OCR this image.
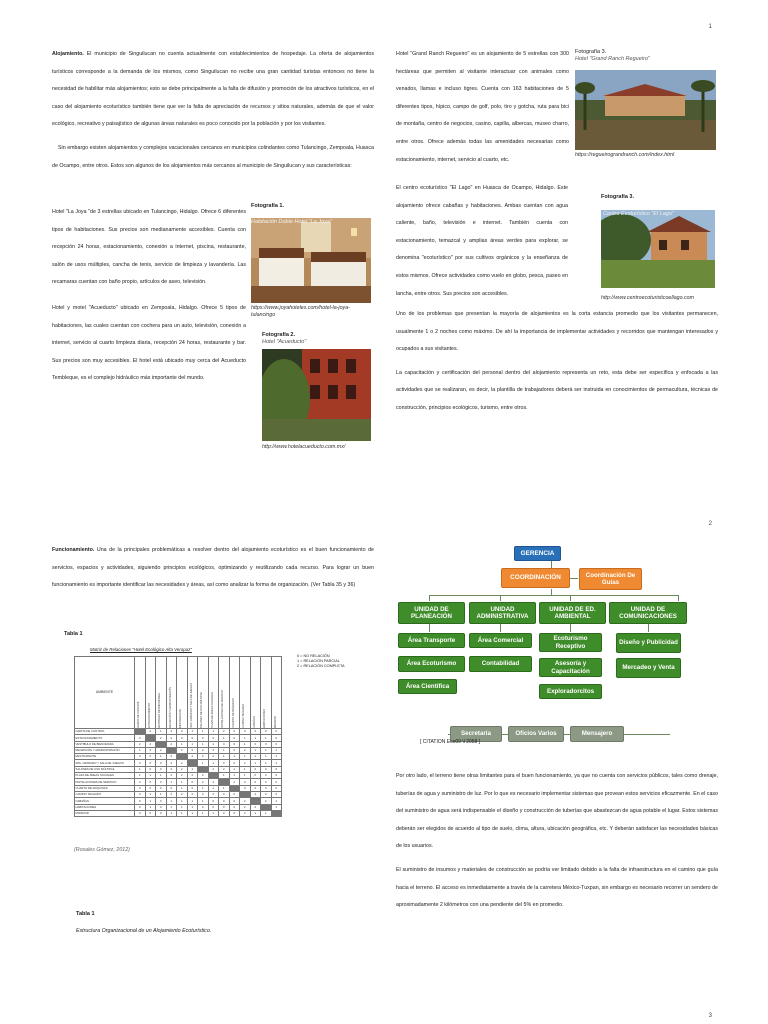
1

Alojamiento. El municipio de Singuilucan no cuenta actualmente con establecimientos de hospedaje. La oferta de alojamientos turísticos corresponde a la demanda de los mismos, como Singuilucan no recibe una gran cantidad turistas entonces no tiene la necesidad de habilitar más alojamientos; esto se debe principalmente a la falta de difusión y promoción de los atractivos turísticos, en el caso del alojamiento ecoturístico también tiene que ver la falta de apreciación de recursos y sitios naturales, además de que el valor ecológico, recreativo y paisajístico de algunas áreas naturales es poco conocido por la población y por los visitantes.

Sin embargo existen alojamientos y complejos vacacionales cercanos en municipios colindantes como Tulancingo, Zempoala, Huasca de Ocampo, entre otros. Estos son algunos de los alojamientos más cercanos al municipio de Singuilucan y sus características:

Hotel "La Joya "de 3 estrellas ubicado en Tulancingo, Hidalgo. Ofrece 6 diferentes tipos de habitaciones. Sus precios son medianamente accesibles. Cuenta con recepción 24 horas, estacionamiento, conexión a internet, piscina, restaurante, salón de usos múltiples, cancha de tenis, servicio de limpieza y lavandería. Las recamaras cuentan con baño propio, artículos de aseo, televisión.

Hotel y motel "Acueducto" ubicado en Zempoala, Hidalgo. Ofrece 5 tipos de habitaciones, las cuales cuentan con cochera para un auto, televisión, conexión a internet, servicio al cuarto limpieza diaria, recepción 24 horas, restaurante y bar. Sus precios son muy accesibles. El hotel está ubicado muy cerca del Acueducto Tembleque, es el complejo hidráulico más importante del mundo.

Fotografía 1.
Habitación Doble Hotel "La Joya"
https://www.joyahoteles.com/hotel-la-joya-tulancingo
Fotografía 2.
Hotel "Acueducto"
http://www.hotelacueducto.com.mx/

Hotel "Grand Ranch Regueiro" es un alojamiento de 5 estrellas con 300 hectáreas que permiten al visitante interactuar con animales como venados, llamas e incluso tigres. Cuenta con 163 habitaciones de 5 diferentes tipos, hípico, campo de golf, polo, tiro y gotcha, ruta para bici de montaña, centro de negocios, casino, capilla, albercas, museo charro, entre otros. Ofrece además todas las amenidades necesarias como estacionamiento, internet, servicio al cuarto, etc.

Fotografía 3.
Hotel "Grand Ranch Regueiro"
https://regueirograndranch.com/index.html

El centro ecoturístico "El Lago" en Huasca de Ocampo, Hidalgo. Este alojamiento ofrece cabañas y habitaciones. Ambas cuentan con agua caliente, baño, televisión e internet. También cuenta con estacionamiento, temazcal y amplias áreas verdes para explorar, se denomina "ecoturístico" por sus cultivos orgánicos y la enseñanza de estos mismos. Ofrece actividades como vuelo en globo, pesca, paseo en lancha, entre otros. Sus precios son accesibles.

Fotografía 3.
Centro Ecoturístico "El Lago"
http://www.centroecoturisticoellago.com

Uno de los problemas que presentan la mayoría de alojamientos es la corta estancia promedio que los visitantes permanecen, usualmente 1 o 2 noches como máximo. De ahí la importancia de implementar actividades y recorridos que mantengan interesados y ocupados a sus visitantes.

La capacitación y certificación del personal dentro del alojamiento representa un reto, esta debe ser específica y enfocada a las actividades que se realizaran, es decir, la plantilla de trabajadores deberá ser instruida en conocimientos de permacultura, técnicas de construcción, principios ecológicos, turismo, entre otros.

2

Funcionamiento. Una de la principales problemáticas a resolver dentro del alojamiento ecoturístico es el buen funcionamiento de servicios, espacios y actividades, siguiendo principios ecológicos, optimizando y reutilizando cada recurso. Para lograr un buen funcionamiento es importante identificar las necesidades y áreas, así como analizar la forma de organización. (Ver Tabla 35 y 36)

Tabla 1
Matriz de Relaciones "Hotel Ecológico Alta Verapaz"
0 = NO RELACIÓN
1 = RELACIÓN PARCIAL
2 = RELACIÓN COMPLETA
AMBIENTE	GARITA DE CONTROL	ESTACIONAMIENTO	VESTIBULO DE BIENVENIDA	RECEPCIÓN Y ADMINISTRACIÓN	RESTAURANTE	SPA, GIMNASIO Y SALA DE JUEGOS	SALONES DE USO MÚLTIPLE	PLAZA DE ÁREAS SOCIALES	INSTALACIONES DE SERVICIO	CUARTO DE MÁQUINAS	CAMINO TECHADO	CABAÑAS	HABITACIONES	MIRADOR

GARITA DE CONTROL		2	1	2	0	1	1	1	2	0	0	0	0	0
ESTACIONAMIENTO	2		2	2	0	0	0	0	1	0	1	1	1	0
VESTIBULO DE BIENVENIDA	2	2		2	1	1	1	1	0	0	1	0	0	0
RECEPCIÓN Y ADMINISTRACIÓN	1	2	2		2	2	2	2	1	0	2	1	1	1
RESTAURANTE	0	0	1	2		2	2	2	1	1	1	1	1	1
SPA, GIMNASIO Y SALA DE JUEGOS	0	0	0	2	2		1	1	0	0	2	1	1	1
SALONES DE USO MÚLTIPLE	1	0	0	2	2	1		2	2	1	1	0	0	0
PLAZA DE ÁREAS SOCIALES	1	1	1	2	2	2	2		1	1	1	0	0	0
INSTALACIONES DE SERVICIO	2	0	0	1	1	0	2	2		2	0	0	0	0
CUARTO DE MÁQUINAS	0	0	0	0	1	0	1	1	1		0	0	0	0
CAMINO TECHADO	0	1	1	2	2	2	2	2	0	0		2	2	2
CABAÑAS	0	1	0	1	1	1	1	0	0	0	2		2	1
HABITACIONES	0	1	0	1	1	1	0	0	0	0	2	2		1
MIRADOR	0	0	0	1	1	1	1	1	0	0	2	1	1	
(Rosales Gómez, 2012)
Tabla 1
Estructura Organizacional de un Alojamiento Ecoturístico.
GERENCIA
COORDINACIÓN	Coordinación De Guías
UNIDAD DE PLANEACIÓN
UNIDAD ADMINISTRATIVA
UNIDAD DE ED. AMBIENTAL
UNIDAD DE COMUNICACIONES
Área Transporte
Área Ecoturismo
Área Científica
Área Comercial
Contabilidad
Ecoturismo Receptivo
Asesoría y Capacitación
Exploradorcitos
Diseño y Publicidad
Mercadeo y Venta
Secretaría	Oficios Varios	Mensajero
[ CITATION Eco09 \l 2058 ]

Por otro lado, el terreno tiene otras limitantes para el buen funcionamiento, ya que no cuenta con servicios públicos, tales como drenaje, tuberías de agua y suministro de luz. Por lo que es necesario implementar sistemas que provean estos servicios eficazmente. En el caso del suministro de agua será indispensable el diseño y construcción de tuberías que abastezcan de agua potable el lugar. Estos sistemas deberán ser elegidos de acuerdo al tipo de suelo, clima, altura, ubicación geográfica, etc. Y deberán satisfacer las necesidades básicas de los usuarios.

El suministro de insumos y materiales de construcción se podría ver limitado debido a la falta de infraestructura en el camino que guía hacia el terreno. El acceso es inmediatamente a través de la carretera México-Tuxpan, sin embargo es necesario recorrer un sendero de aproximadamente 2 kilómetros con una pendiente del 5% en promedio.

3
